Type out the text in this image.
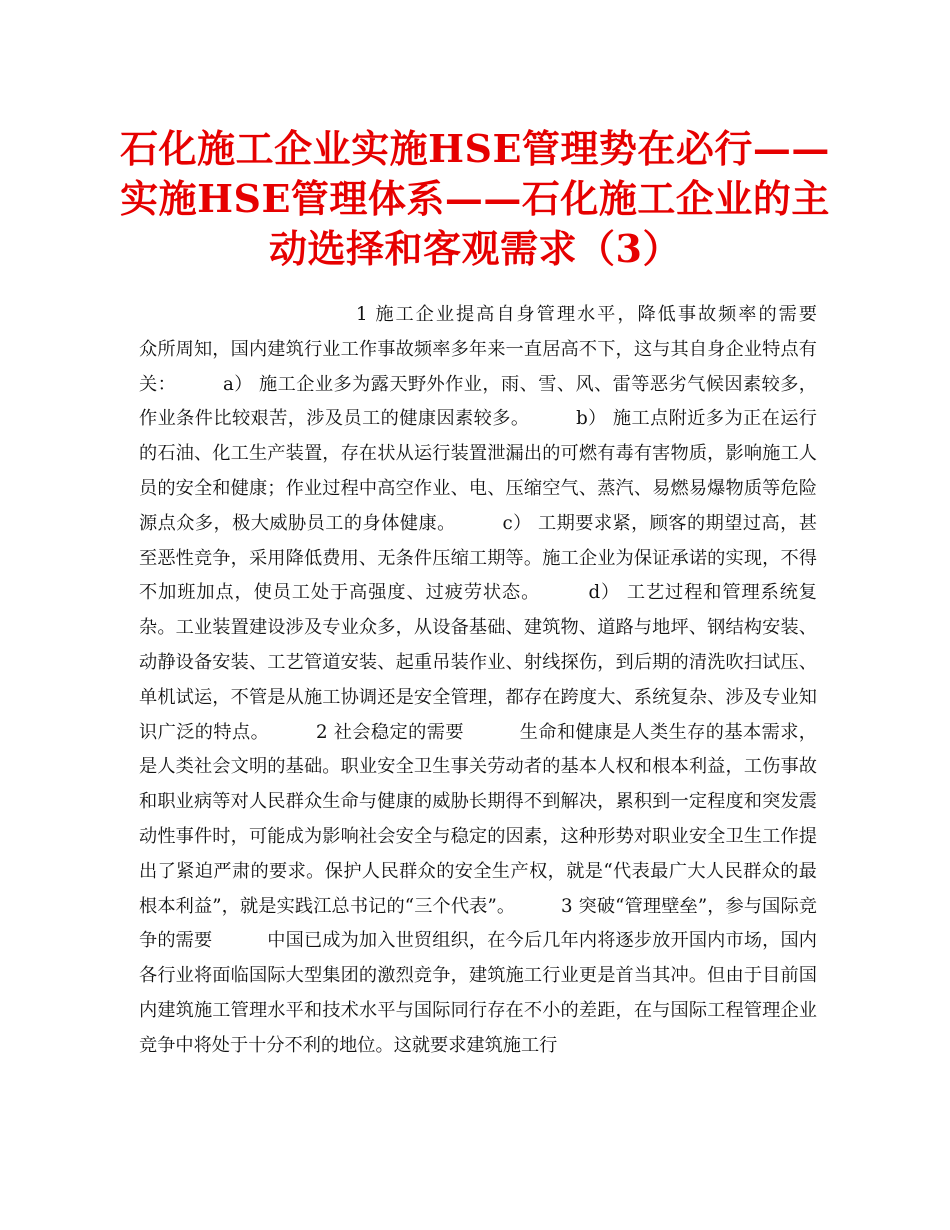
石化施工企业实施HSE管理势在必行——实施HSE管理体系——石化施工企业的主动选择和客观需求（3）

1 施工企业提高自身管理水平，降低事故频率的需要　　众所周知，国内建筑行业工作事故频率多年来一直居高不下，这与其自身企业特点有关：　　　a） 施工企业多为露天野外作业，雨、雪、风、雷等恶劣气候因素较多，作业条件比较艰苦，涉及员工的健康因素较多。　　　b） 施工点附近多为正在运行的石油、化工生产装置，存在状从运行装置泄漏出的可燃有毒有害物质，影响施工人员的安全和健康；作业过程中高空作业、电、压缩空气、蒸汽、易燃易爆物质等危险源点众多，极大威胁员工的身体健康。　　　c） 工期要求紧，顾客的期望过高，甚至恶性竞争，采用降低费用、无条件压缩工期等。施工企业为保证承诺的实现，不得不加班加点，使员工处于高强度、过疲劳状态。　　　d） 工艺过程和管理系统复杂。工业装置建设涉及专业众多，从设备基础、建筑物、道路与地坪、钢结构安装、动静设备安装、工艺管道安装、起重吊装作业、射线探伤，到后期的清洗吹扫试压、单机试运，不管是从施工协调还是安全管理，都存在跨度大、系统复杂、涉及专业知识广泛的特点。　　　2 社会稳定的需要　　　生命和健康是人类生存的基本需求，是人类社会文明的基础。职业安全卫生事关劳动者的基本人权和根本利益，工伤事故和职业病等对人民群众生命与健康的威胁长期得不到解决，累积到一定程度和突发震动性事件时，可能成为影响社会安全与稳定的因素，这种形势对职业安全卫生工作提出了紧迫严肃的要求。保护人民群众的安全生产权，就是“代表最广大人民群众的最根本利益”，就是实践江总书记的“三个代表”。　　　3 突破“管理壁垒”，参与国际竞争的需要　　　中国已成为加入世贸组织，在今后几年内将逐步放开国内市场，国内各行业将面临国际大型集团的激烈竞争，建筑施工行业更是首当其冲。但由于目前国内建筑施工管理水平和技术水平与国际同行存在不小的差距，在与国际工程管理企业竞争中将处于十分不利的地位。这就要求建筑施工行
